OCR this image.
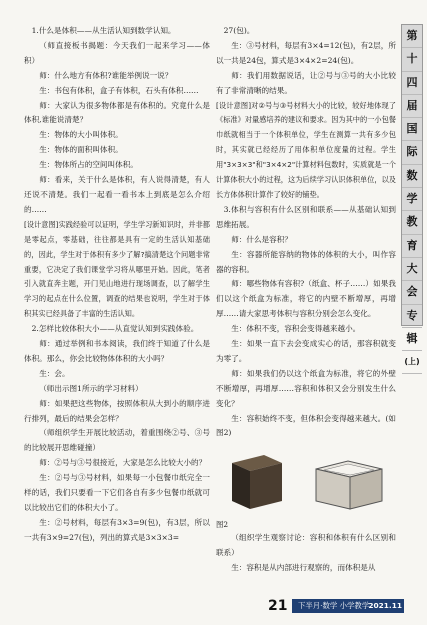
1.什么是体积——从生活认知到数学认知。

（师直接板书揭题：今天我们一起来学习——体积）

师：什么地方有体积?谁能举例说一说？

生：书包有体积，盒子有体积，石头有体积……

师：大家认为很多物体都是有体积的。究竟什么是体积,谁能说清楚？

生：物体的大小叫体积。

生：物体的面积叫体积。

生：物体所占的空间叫体积。

师：看来，关于什么是体积，有人说得清楚，有人还说不清楚。我们一起看一看书本上到底是怎么介绍的……

[设计意图]实践经验可以证明，学生学习新知识时，并非都是零起点，零基础，往往都是具有一定的生活认知基础的，因此，学生对于体积有多少了解?搞清楚这个问题非常重要，它决定了我们课堂学习将从哪里开始。因此，笔者引入就直奔主题，开门见山地进行现场调查，以了解学生学习的起点在什么位置，调查的结果也说明，学生对于体积其实已经具备了丰富的生活认知。

2.怎样比较体积大小——从直觉认知到实践体验。

师：通过举例和书本阅读，我们终于知道了什么是体积。那么，你会比较物体体积的大小吗？

生：会。

（师出示图1所示的学习材料）

师：如果把这些物体，按照体积从大到小的顺序进行排列，最后的结果会怎样？

（师组织学生开展比较活动，着重围绕②号、③号的比较展开思维碰撞）

师：②号与③号很接近，大家是怎么比较大小的？

生：②号与③号材料，如果每一小包餐巾纸完全一样的话，我们只要看一下它们各自有多少包餐巾纸就可以比较出它们的体积大小了。

生：②号材料，每层有3×3=9(包)，有3层，所以一共有3×9=27(包)，列出的算式是3×3×3=

27(包)。

生：③号材料，每层有3×4=12(包)，有2层，所以一共是24包，算式是3×4×2=24(包)。

师：我们用数据说话，让②号与③号的大小比较有了非常清晰的结果。

[设计意图]对②号与③号材料大小的比较，较好地体现了《标准》对量感培养的建议和要求。因为其中的一小包餐巾纸就相当于一个体积单位，学生在测算一共有多少包时，其实就已经经历了用体积单位度量的过程。学生用"3×3×3"和"3×4×2"计算材料包数时，实质就是一个计算体积大小的过程，这为后续学习认识体积单位，以及长方体体积计算作了较好的铺垫。

3.体积与容积有什么区别和联系——从基础认知到思维拓展。

师：什么是容积？

生：容器所能容纳的物体的体积的大小，叫作容器的容积。

师：哪些物体有容积?（纸盒、杯子……）如果我们以这个纸盒为标准，将它的内壁不断增厚，再增厚……请大家思考体积与容积分别会怎么变化。

生：体积不变，容积会变得越来越小。

生：如果一直下去会变成实心的话，那容积就变为零了。

师：如果我们仍以这个纸盒为标准，将它的外壁不断增厚，再增厚……容积和体积又会分别发生什么变化？

生：容积始终不变，但体积会变得越来越大。(如图2)

图2

（组织学生观察讨论：容积和体积有什么区别和联系）

生：容积是从内部进行观察的，而体积是从

第
十
四
届
国
际
数
学
教
育
大
会
专
辑
(上)
21	下半月·数学 小学教学 2021.11
